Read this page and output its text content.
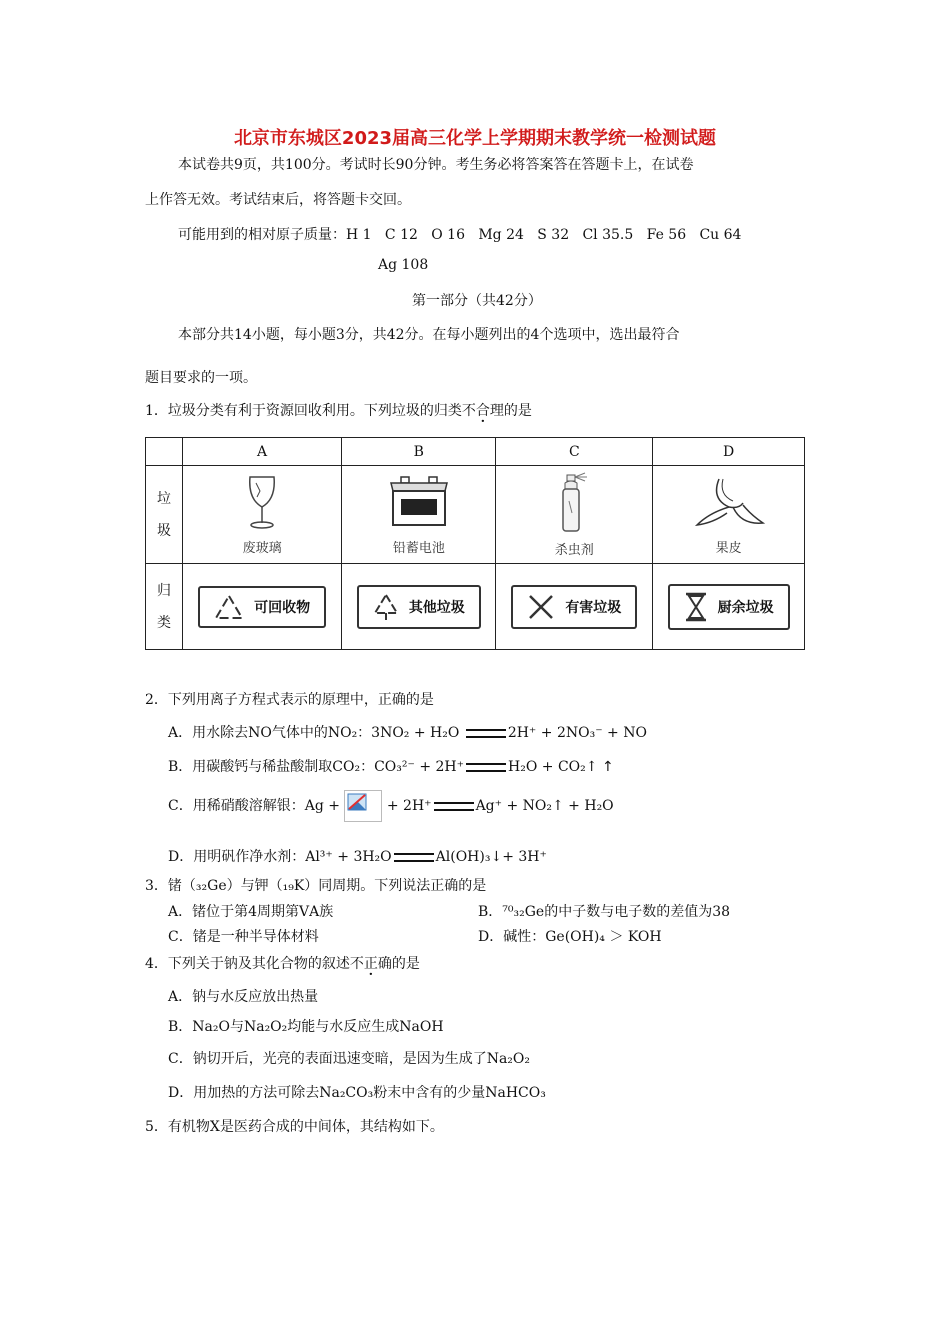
北京市东城区2023届高三化学上学期期末教学统一检测试题
本试卷共9页，共100分。考试时长90分钟。考生务必将答案答在答题卡上，在试卷
上作答无效。考试结束后，将答题卡交回。
可能用到的相对原子质量：H 1   C 12   O 16   Mg 24   S 32   Cl 35.5   Fe 56   Cu 64
Ag 108
第一部分（共42分）
本部分共14小题，每小题3分，共42分。在每小题列出的4个选项中，选出最符合
题目要求的一项。
1．垃圾分类有利于资源回收利用。下列垃圾的归类不合理的是
	A	B	C	D
垃
圾	废玻璃	铅蓄电池	杀虫剂	果皮

归
类	可回收物	其他垃圾	有害垃圾	厨余垃圾
2．下列用离子方程式表示的原理中，正确的是
A．用水除去NO气体中的NO₂：3NO₂ + H₂O	2H⁺ + 2NO₃⁻ + NO
B．用碳酸钙与稀盐酸制取CO₂：CO₃²⁻ + 2H⁺	H₂O + CO₂↑ ↑
C．用稀硝酸溶解银：Ag +	+ 2H⁺	Ag⁺ + NO₂↑ + H₂O
D．用明矾作净水剂：Al³⁺ + 3H₂O	Al(OH)₃↓+ 3H⁺
3．锗（₃₂Ge）与钾（₁₉K）同周期。下列说法正确的是
A．锗位于第4周期第ⅤA族	B．⁷⁰₃₂Ge的中子数与电子数的差值为38
C．锗是一种半导体材料	D．碱性：Ge(OH)₄ ＞ KOH
4．下列关于钠及其化合物的叙述不正确的是
A．钠与水反应放出热量
B．Na₂O与Na₂O₂均能与水反应生成NaOH
C．钠切开后，光亮的表面迅速变暗，是因为生成了Na₂O₂
D．用加热的方法可除去Na₂CO₃粉末中含有的少量NaHCO₃
5．有机物X是医药合成的中间体，其结构如下。
